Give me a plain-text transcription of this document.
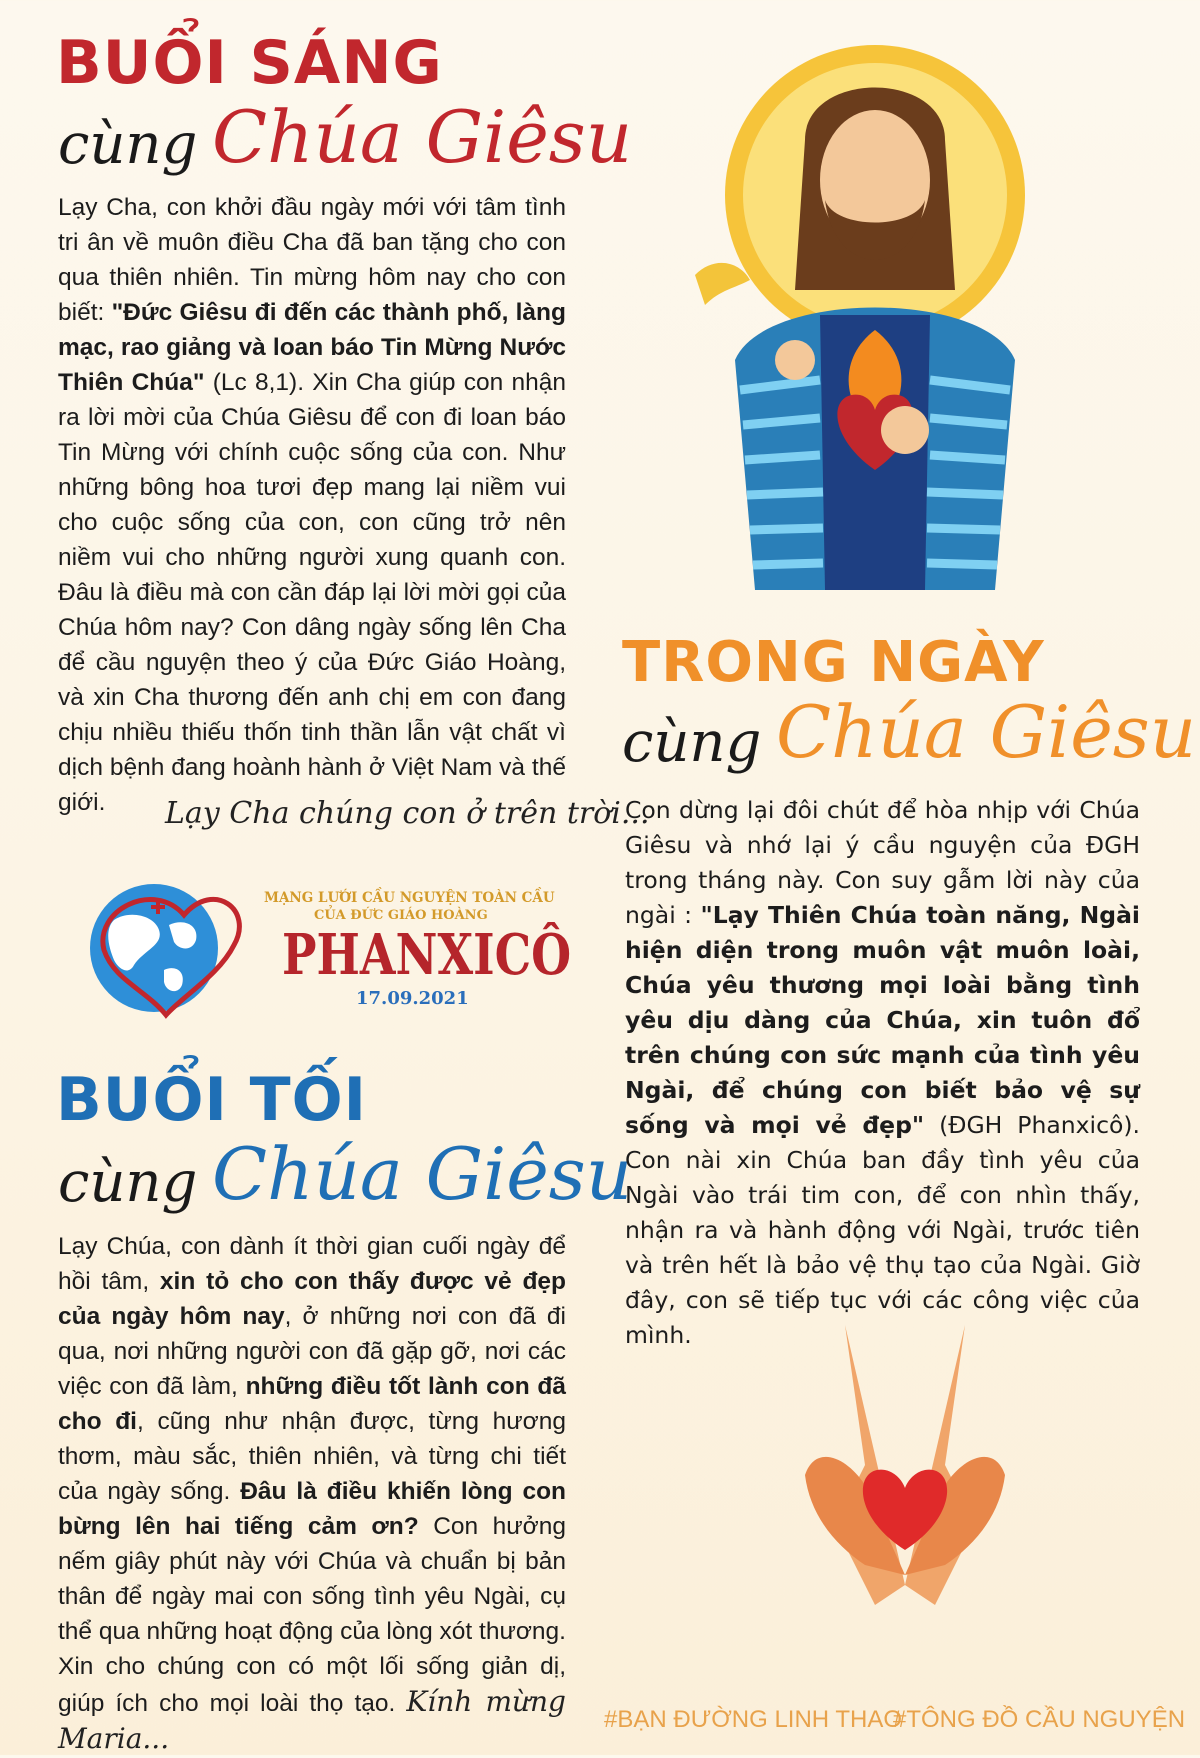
BUỔI SÁNG
cùng Chúa Giêsu
Lạy Cha, con khởi đầu ngày mới với tâm tình tri ân về muôn điều Cha đã ban tặng cho con qua thiên nhiên. Tin mừng hôm nay cho con biết: "Đức Giêsu đi đến các thành phố, làng mạc, rao giảng và loan báo Tin Mừng Nước Thiên Chúa" (Lc 8,1). Xin Cha giúp con nhận ra lời mời của Chúa Giêsu để con đi loan báo Tin Mừng với chính cuộc sống của con. Như những bông hoa tươi đẹp mang lại niềm vui cho cuộc sống của con, con cũng trở nên niềm vui cho những người xung quanh con. Đâu là điều mà con cần đáp lại lời mời gọi của Chúa hôm nay? Con dâng ngày sống lên Cha để cầu nguyện theo ý của Đức Giáo Hoàng, và xin Cha thương đến anh chị em con đang chịu nhiều thiếu thốn tinh thần lẫn vật chất vì dịch bệnh đang hoành hành ở Việt Nam và thế giới.	Lạy Cha chúng con ở trên trời...
MẠNG LƯỚI CẦU NGUYỆN TOÀN CẦU
CỦA ĐỨC GIÁO HOÀNG
PHANXICÔ
17.09.2021
BUỔI TỐI
cùng Chúa Giêsu
Lạy Chúa, con dành ít thời gian cuối ngày để hồi tâm, xin tỏ cho con thấy được vẻ đẹp của ngày hôm nay, ở những nơi con đã đi qua, nơi những người con đã gặp gỡ, nơi các việc con đã làm, những điều tốt lành con đã cho đi, cũng như nhận được, từng hương thơm, màu sắc, thiên nhiên, và từng chi tiết của ngày sống. Đâu là điều khiến lòng con bừng lên hai tiếng cảm ơn? Con hưởng nếm giây phút này với Chúa và chuẩn bị bản thân để ngày mai con sống tình yêu Ngài, cụ thể qua những hoạt động của lòng xót thương. Xin cho chúng con có một lối sống giản dị, giúp ích cho mọi loài thọ tạo. Kính mừng Maria...
TRONG NGÀY
cùng Chúa Giêsu
Con dừng lại đôi chút để hòa nhịp với Chúa Giêsu và nhớ lại ý cầu nguyện của ĐGH trong tháng này. Con suy gẫm lời này của ngài : "Lạy Thiên Chúa toàn năng, Ngài hiện diện trong muôn vật muôn loài, Chúa yêu thương mọi loài bằng tình yêu dịu dàng của Chúa, xin tuôn đổ trên chúng con sức mạnh của tình yêu Ngài, để chúng con biết bảo vệ sự sống và mọi vẻ đẹp" (ĐGH Phanxicô). Con nài xin Chúa ban đầy tình yêu của Ngài vào trái tim con, để con nhìn thấy, nhận ra và hành động với Ngài, trước tiên và trên hết là bảo vệ thụ tạo của Ngài. Giờ đây, con sẽ tiếp tục với các công việc của mình.
#BẠN ĐƯỜNG LINH THAO
#TÔNG ĐỒ CẦU NGUYỆN
